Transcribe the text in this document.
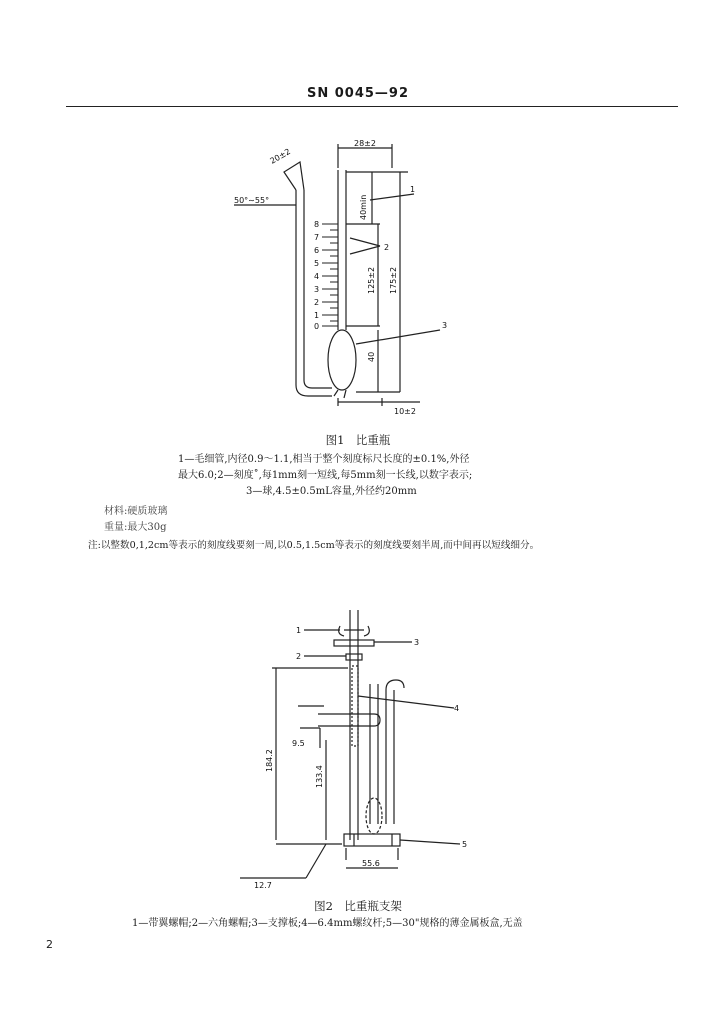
SN 0045—92
8
7
6
5
4
3
2
1
0
28±2
20±2
50°∼55°	40min
125±2 175±2
40
10±2
1
2
3
图1　比重瓶
1—毛细管,内径0.9～1.1,相当于整个刻度标尺长度的±0.1%,外径
最大6.0;2—刻度˚,每1mm刻一短线,每5mm刻一长线,以数字表示;
3—球,4.5±0.5mL容量,外径约20mm
材料:硬质玻璃
重量:最大30g
注:以整数0,1,2cm等表示的刻度线要刻一周,以0.5,1.5cm等表示的刻度线要刻半周,而中间再以短线细分。
1
2
3
4
5
184.2
133.4
9.5
55.6
12.7
图2　比重瓶支架
1—带翼螺帽;2—六角螺帽;3—支撑板;4—6.4mm螺纹杆;5—30"规格的薄金属板盒,无盖
2
